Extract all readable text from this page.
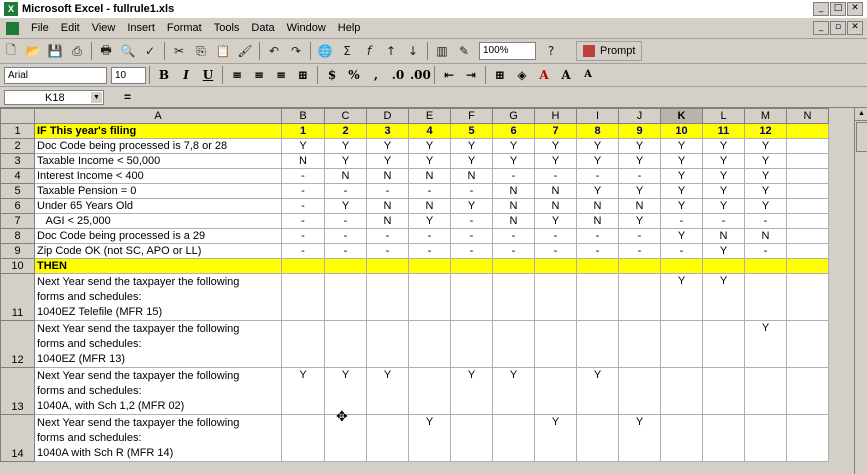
X Microsoft Excel - fullrule1.xls	_	□ ✕
File	Edit	View	Insert	Format	Tools	Data	Window	Help	_	▫	✕
🗋 📂 💾 ⎙	🖶 🔍 ✓	✂	⎘ 📋 🖌	↶ ↷	🌐 Σ	f	↑ ↓	▥ ✎	100%	?	Prompt
Arial	10	B	I	U	≡ ≡ ≡ ⊞	$	%	,	.0 .00	⇤ ⇥	⊞	◈	A	A	A
K18	▼ =
	A	B	C	D	E	F	G	H	I	J	K	L	M	N
1	IF This year's filing	1	2	3	4	5	6	7	8	9	10	11	12	
2	Doc Code being processed is 7,8 or 28	Y	Y	Y	Y	Y	Y	Y	Y	Y	Y	Y	Y	
3	Taxable Income < 50,000	N	Y	Y	Y	Y	Y	Y	Y	Y	Y	Y	Y	
4	Interest Income < 400	-	N	N	N	N	-	-	-	-	Y	Y	Y	
5	Taxable Pension = 0	-	-	-	-	-	N	N	Y	Y	Y	Y	Y	
6	Under 65 Years Old	-	Y	N	N	Y	N	N	N	N	Y	Y	Y	
7	AGI < 25,000	-	-	N	Y	-	N	Y	N	Y	-	-	-	
8	Doc Code being processed is a 29	-	-	-	-	-	-	-	-	-	Y	N	N	
9	Zip Code OK (not SC, APO or LL)	-	-	-	-	-	-	-	-	-	-	Y	-	
10	THEN													
11	Next Year send the taxpayer the following
forms and schedules:
1040EZ Telefile (MFR 15)										Y	Y		
12	Next Year send the taxpayer the following
forms and schedules:
1040EZ (MFR 13)												Y	
13	Next Year send the taxpayer the following
forms and schedules:
1040A, with Sch 1,2 (MFR 02)	Y	Y	Y		Y	Y		Y					
14	Next Year send the taxpayer the following
forms and schedules:
1040A with Sch R (MFR 14)				Y			Y		Y				
▲
✥
